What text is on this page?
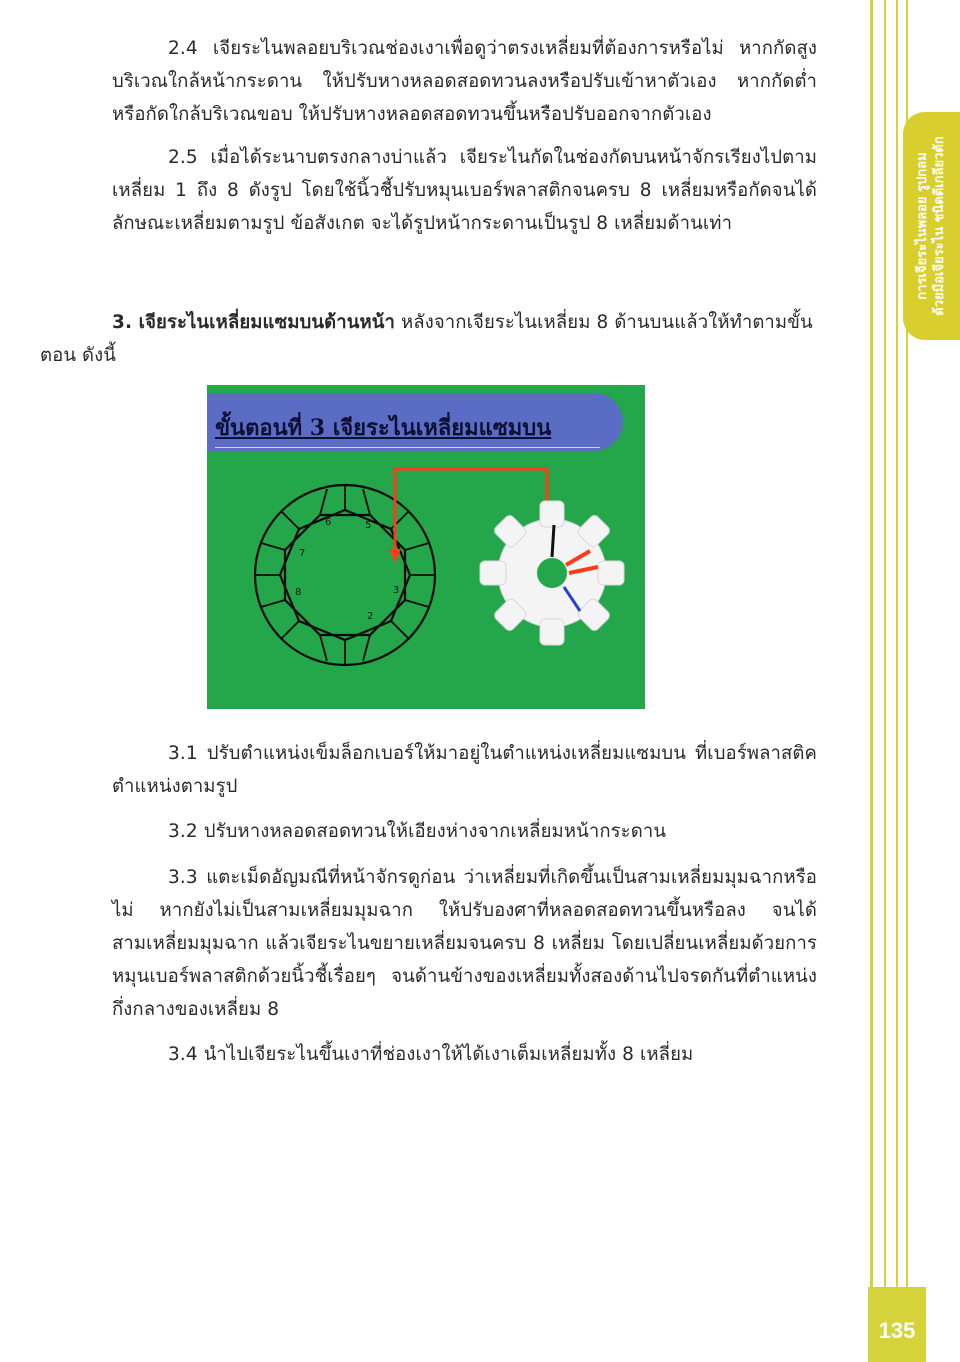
การเจียระไนพลอย รูปกลม ด้วยมือเจียระไน ชนิดตีเกลียวตัก

2.4 เจียระไนพลอยบริเวณช่องเงาเพื่อดูว่าตรงเหลี่ยมที่ต้องการหรือไม่ หากกัดสูงบริเวณใกล้หน้ากระดาน ให้ปรับหางหลอดสอดทวนลงหรือปรับเข้าหาตัวเอง หากกัดต่ำหรือกัดใกล้บริเวณขอบ ให้ปรับหางหลอดสอดทวนขึ้นหรือปรับออกจากตัวเอง

2.5 เมื่อได้ระนาบตรงกลางบ่าแล้ว เจียระไนกัดในช่องกัดบนหน้าจักรเรียงไปตามเหลี่ยม 1 ถึง 8 ดังรูป โดยใช้นิ้วชี้ปรับหมุนเบอร์พลาสติกจนครบ 8 เหลี่ยมหรือกัดจนได้ลักษณะเหลี่ยมตามรูป ข้อสังเกต จะได้รูปหน้ากระดานเป็นรูป 8 เหลี่ยมด้านเท่า

3. เจียระไนเหลี่ยมแซมบนด้านหน้า หลังจากเจียระไนเหลี่ยม 8 ด้านบนแล้วให้ทำตามขั้นตอน ดังนี้

ขั้นตอนที่ 3 เจียระไนเหลี่ยมแซมบน
3
2
5
6
7
8

3.1 ปรับตำแหน่งเข็มล็อกเบอร์ให้มาอยู่ในตำแหน่งเหลี่ยมแซมบน ที่เบอร์พลาสติคตำแหน่งตามรูป

3.2 ปรับหางหลอดสอดทวนให้เอียงห่างจากเหลี่ยมหน้ากระดาน

3.3 แตะเม็ดอัญมณีที่หน้าจักรดูก่อน ว่าเหลี่ยมที่เกิดขึ้นเป็นสามเหลี่ยมมุมฉากหรือไม่ หากยังไม่เป็นสามเหลี่ยมมุมฉาก ให้ปรับองศาที่หลอดสอดทวนขึ้นหรือลง จนได้สามเหลี่ยมมุมฉาก แล้วเจียระไนขยายเหลี่ยมจนครบ 8 เหลี่ยม โดยเปลี่ยนเหลี่ยมด้วยการหมุนเบอร์พลาสติกด้วยนิ้วชี้เรื่อยๆ จนด้านข้างของเหลี่ยมทั้งสองด้านไปจรดกันที่ตำแหน่งกึ่งกลางของเหลี่ยม 8

3.4 นำไปเจียระไนขึ้นเงาที่ช่องเงาให้ได้เงาเต็มเหลี่ยมทั้ง 8 เหลี่ยม

135
